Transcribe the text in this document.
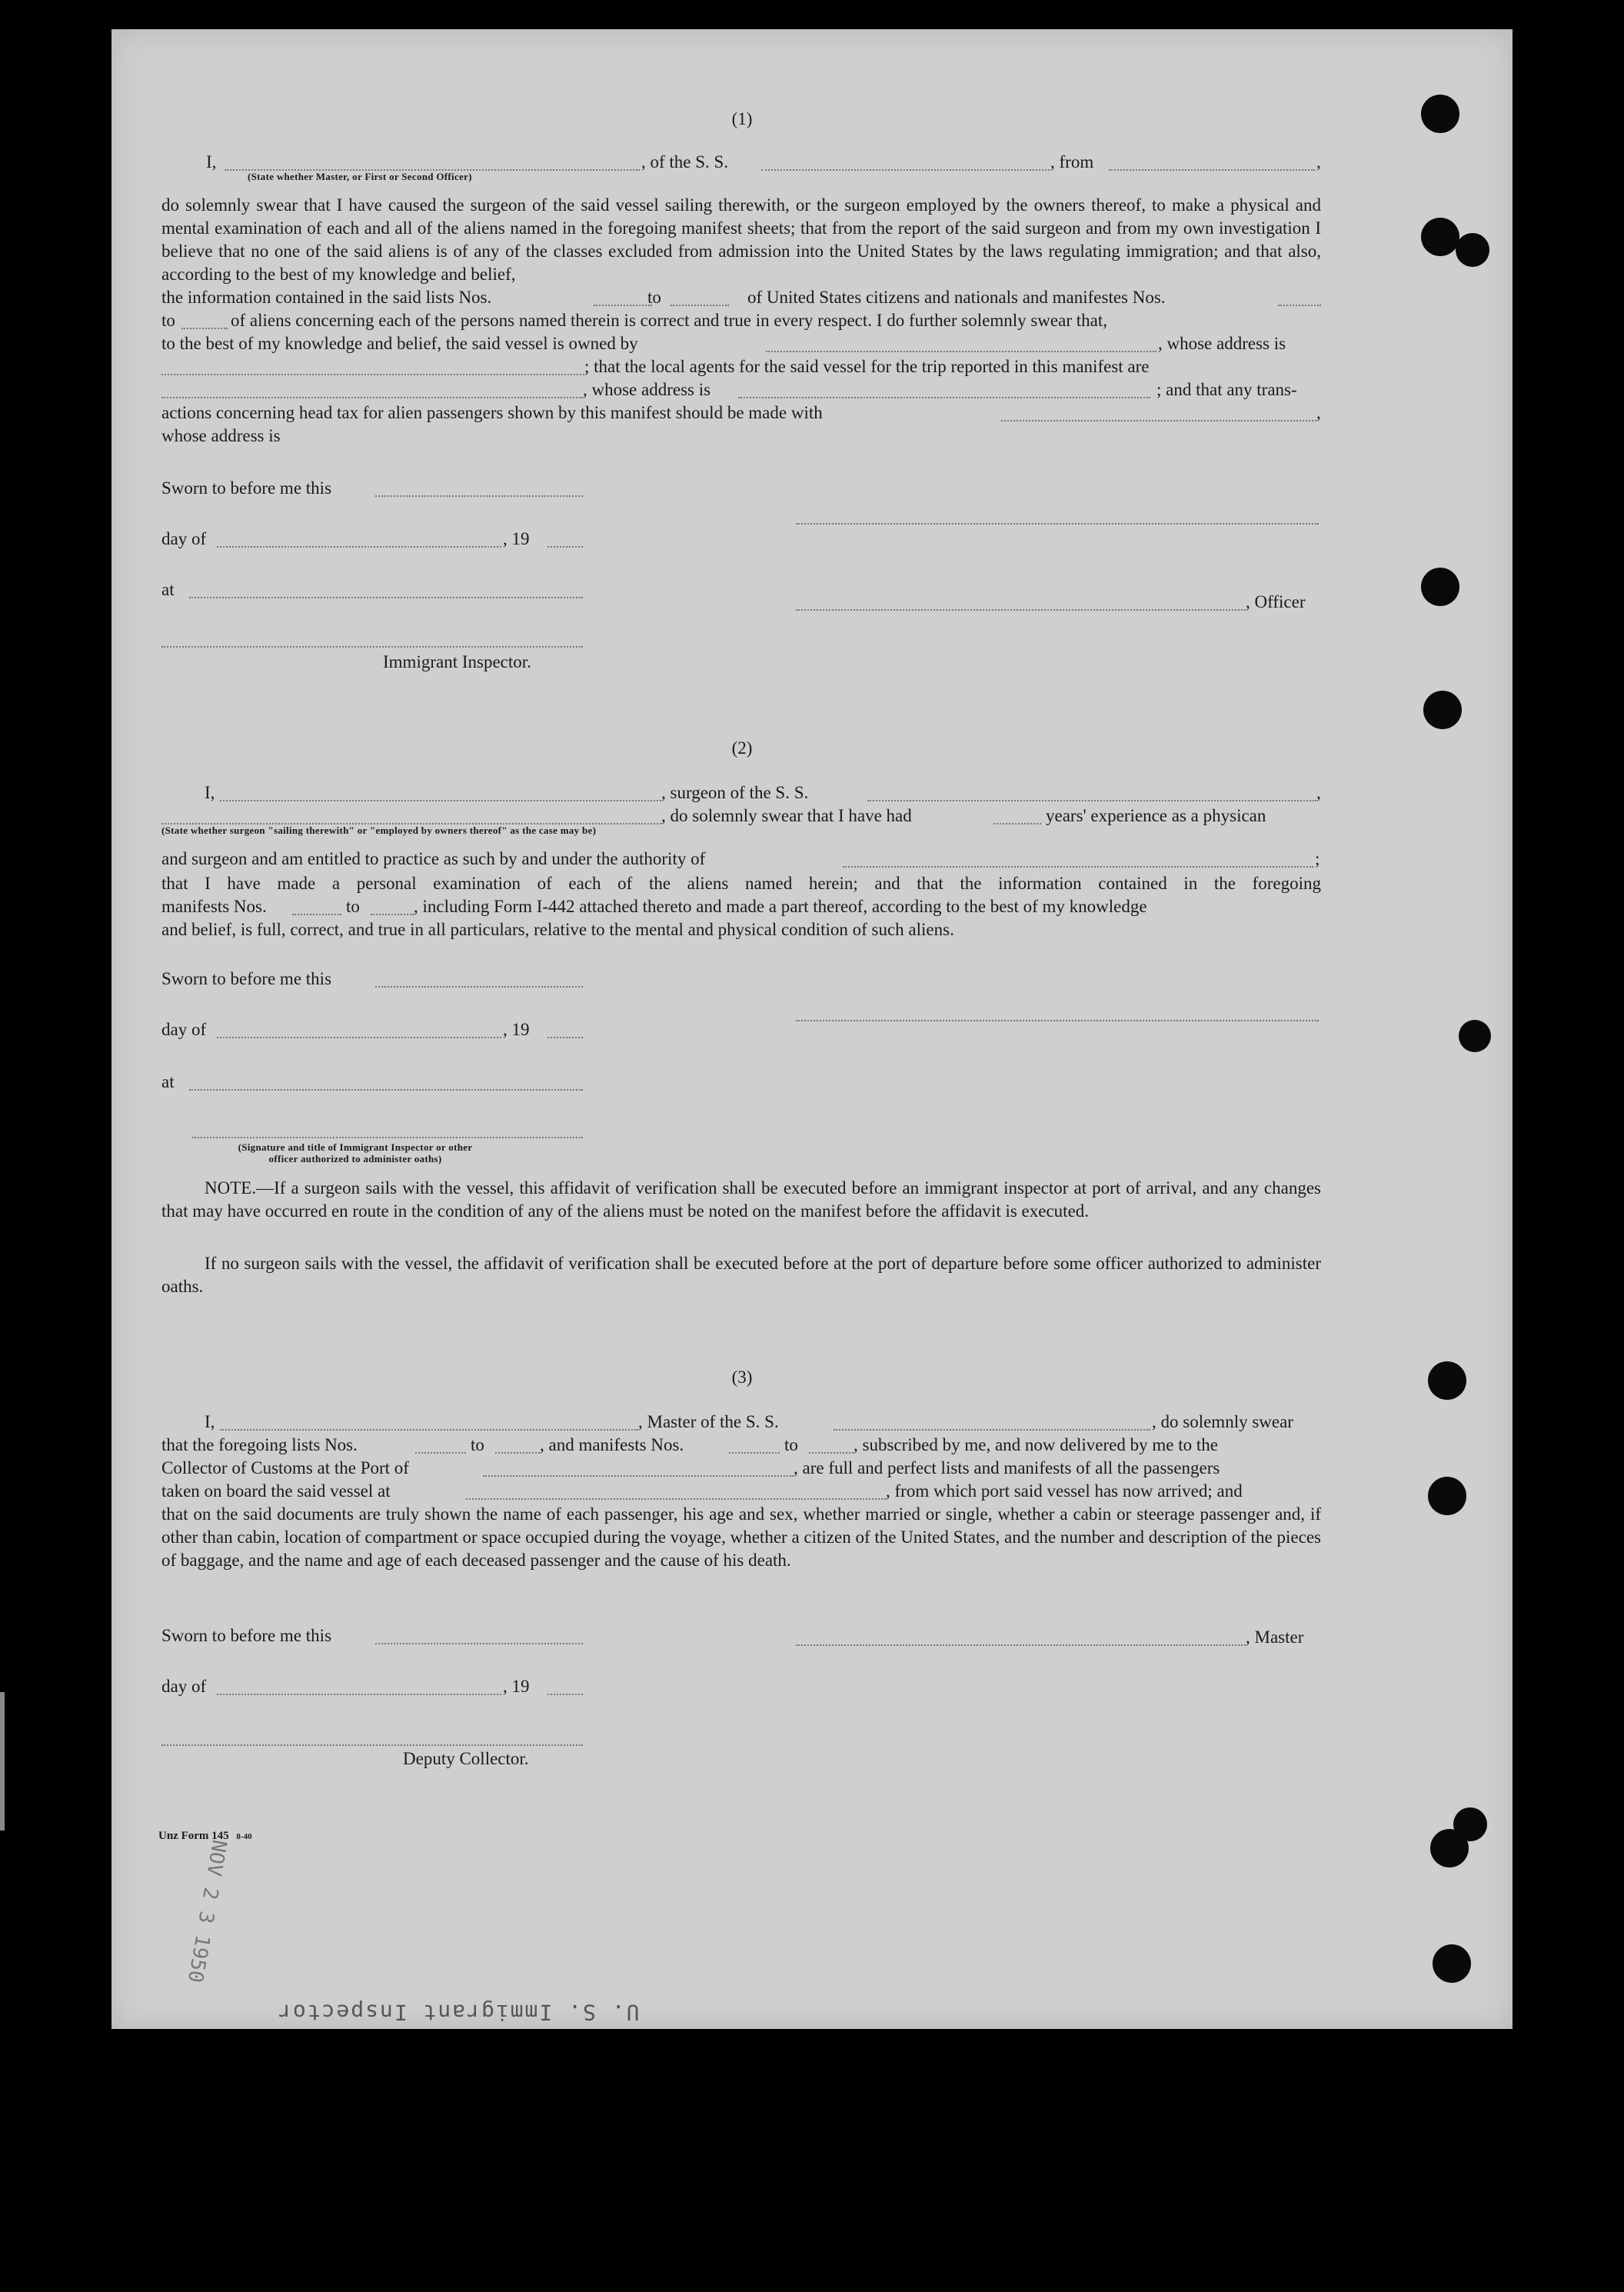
(1)
I,	, of the S. S.	, from	,
(State whether Master, or First or Second Officer)
do solemnly swear that I have caused the surgeon of the said vessel sailing therewith, or the surgeon employed by the owners thereof, to make a physical and mental examination of each and all of the aliens named in the foregoing manifest sheets; that from the report of the said surgeon and from my own investigation I believe that no one of the said aliens is of any of the classes excluded from admission into the United States by the laws regulating immigration; and that also, according to the best of my knowledge and belief,
the information contained in the said lists Nos.	to	of United States citizens and nationals and manifestes Nos.
to	of aliens concerning each of the persons named therein is correct and true in every respect. I do further solemnly swear that,
to the best of my knowledge and belief, the said vessel is owned by	, whose address is
; that the local agents for the said vessel for the trip reported in this manifest are
, whose address is	; and that any trans-
actions concerning head tax for alien passengers shown by this manifest should be made with	,
whose address is
Sworn to before me this
day of	, 19
at
, Officer
Immigrant Inspector.
(2)
I,	, surgeon of the S. S.	,
, do solemnly swear that I have had	years' experience as a physican
(State whether surgeon "sailing therewith" or "employed by owners thereof" as the case may be)
and surgeon and am entitled to practice as such by and under the authority of	;
that I have made a personal examination of each of the aliens named herein; and that the information contained in the foregoing
manifests Nos.	to	, including Form I-442 attached thereto and made a part thereof, according to the best of my knowledge
and belief, is full, correct, and true in all particulars, relative to the mental and physical condition of such aliens.
Sworn to before me this
day of	, 19
at
(Signature and title of Immigrant Inspector or other
officer authorized to administer oaths)
NOTE.—If a surgeon sails with the vessel, this affidavit of verification shall be executed before an immigrant inspector at port of arrival, and any changes that may have occurred en route in the condition of any of the aliens must be noted on the manifest before the affidavit is executed.
If no surgeon sails with the vessel, the affidavit of verification shall be executed before at the port of departure before some officer authorized to administer oaths.
(3)
I,	, Master of the S. S.	, do solemnly swear
that the foregoing lists Nos.	to	, and manifests Nos.	to	, subscribed by me, and now delivered by me to the
Collector of Customs at the Port of	, are full and perfect lists and manifests of all the passengers
taken on board the said vessel at	, from which port said vessel has now arrived; and
that on the said documents are truly shown the name of each passenger, his age and sex, whether married or single, whether a cabin or steerage passenger and, if other than cabin, location of compartment or space occupied during the voyage, whether a citizen of the United States, and the number and description of the pieces of baggage, and the name and age of each deceased passenger and the cause of his death.
Sworn to before me this	, Master
day of	, 19
Deputy Collector.
Unz Form 145 8-40
U. S. Immigrant Inspector
NOV 2 3 1950
